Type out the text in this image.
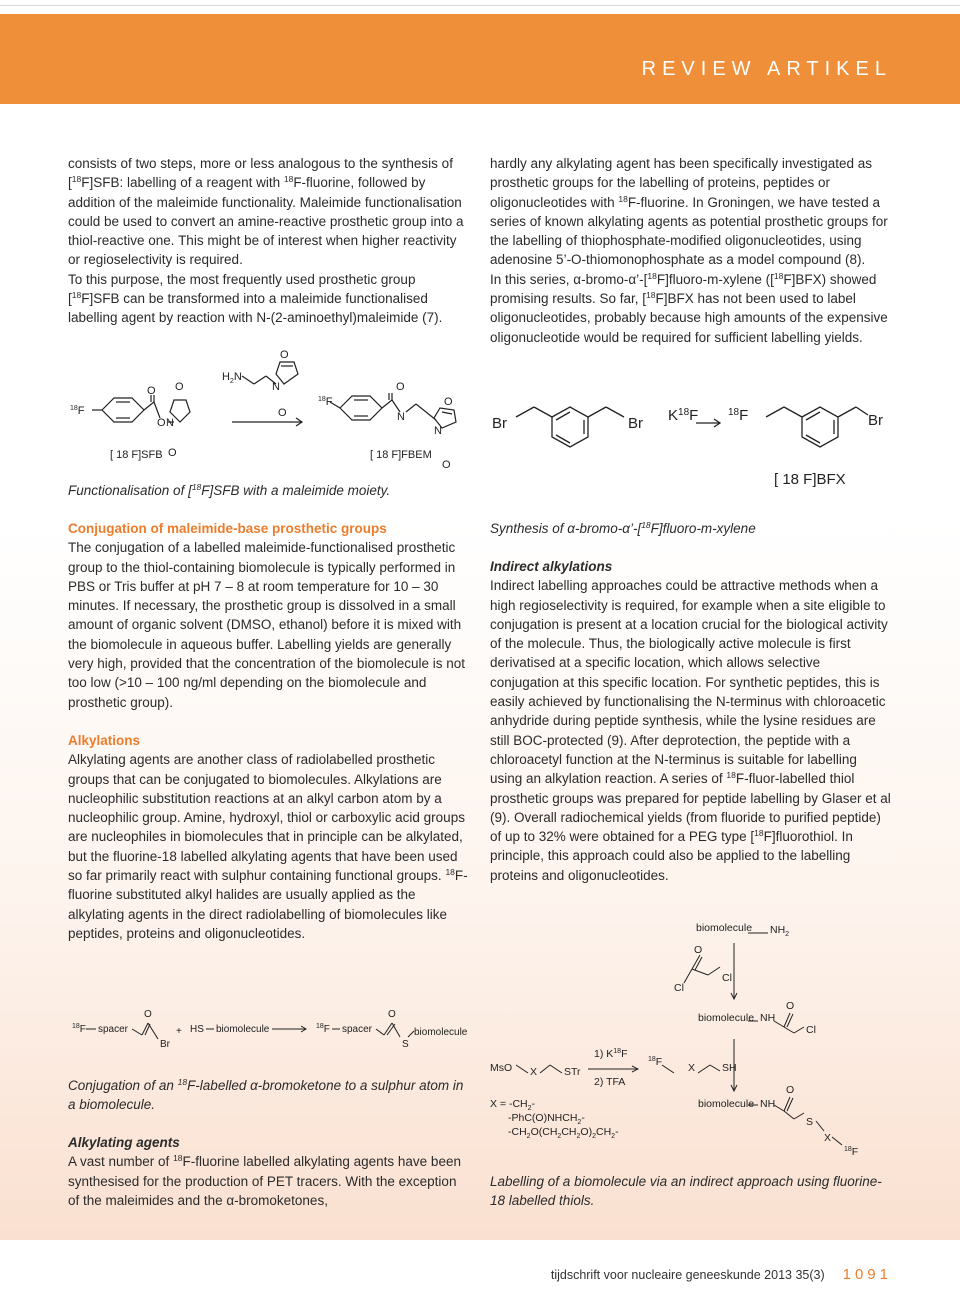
REVIEW ARTIKEL

consists of two steps, more or less analogous to the synthesis of [$^{18}$F]SFB: labelling of a reagent with $^{18}$F-fluorine, followed by addition of the maleimide functionality. Maleimide functionalisation could be used to convert an amine-reactive prosthetic group into a thiol-reactive one. This might be of interest when higher reactivity or regioselectivity is required.

To this purpose, the most frequently used prosthetic group [$^{18}$F]SFB can be transformed into a maleimide functionalised labelling agent by reaction with N-(2-aminoethyl)maleimide (7).

hardly any alkylating agent has been specifically investigated as prosthetic groups for the labelling of proteins, peptides or oligonucleotides with $^{18}$F-fluorine. In Groningen, we have tested a series of known alkylating agents as potential prosthetic groups for the labelling of thiophosphate-modified oligonucleotides, using adenosine 5’-O-thiomonophosphate as a model compound (8).

In this series, α-bromo-α’-[$^{18}$F]fluoro-m-xylene ([$^{18}$F]BFX) showed promising results. So far, [$^{18}$F]BFX has not been used to label oligonucleotides, probably because high amounts of the expensive oligonucleotide would be required for sufficient labelling yields.

$^{18}$F
O
O
O
O
N
$H_2N$
O
N
O
$^{18}$F
O
N
O
N
O
[ 18 F]SFB	[ 18 F]FBEM
Functionalisation of [$^{18}$F]SFB with a maleimide moiety.
Br	Br $K^{18}F$	$^{18}$F	Br
[ 18 F]BFX
Synthesis of α-bromo-α’-[$^{18}$F]fluoro-m-xylene

Conjugation of maleimide-base prosthetic groups

The conjugation of a labelled maleimide-functionalised prosthetic group to the thiol-containing biomolecule is typically performed in PBS or Tris buffer at pH 7 – 8 at room temperature for 10 – 30 minutes. If necessary, the prosthetic group is dissolved in a small amount of organic solvent (DMSO, ethanol) before it is mixed with the biomolecule in aqueous buffer. Labelling yields are generally very high, provided that the concentration of the biomolecule is not too low (>10 – 100 ng/ml depending on the biomolecule and prosthetic group).

Alkylations

Alkylating agents are another class of radiolabelled prosthetic groups that can be conjugated to biomolecules. Alkylations are nucleophilic substitution reactions at an alkyl carbon atom by a nucleophilic group. Amine, hydroxyl, thiol or carboxylic acid groups are nucleophiles in biomolecules that in principle can be alkylated, but the fluorine-18 labelled alkylating agents that have been used so far primarily react with sulphur containing functional groups. $^{18}$F-fluorine substituted alkyl halides are usually applied as the alkylating agents in the direct radiolabelling of biomolecules like peptides, proteins and oligonucleotides.

Indirect alkylations

Indirect labelling approaches could be attractive methods when a high regioselectivity is required, for example when a site eligible to conjugation is present at a location crucial for the biological activity of the molecule. Thus, the biologically active molecule is first derivatised at a specific location, which allows selective conjugation at this specific location. For synthetic peptides, this is easily achieved by functionalising the N-terminus with chloroacetic anhydride during peptide synthesis, while the lysine residues are still BOC-protected (9). After deprotection, the peptide with a chloroacetyl function at the N-terminus is suitable for labelling using an alkylation reaction. A series of $^{18}$F-fluor-labelled thiol prosthetic groups was prepared for peptide labelling by Glaser et al (9). Overall radiochemical yields (from fluoride to purified peptide) of up to 32% were obtained for a PEG type [$^{18}$F]fluorothiol. In principle, this approach could also be applied to the labelling proteins and oligonucleotides.

$^{18}$F spacer
O
Br
+ HS biomolecule	$^{18}$F spacer
O
S
biomolecule
Conjugation of an $^{18}$F-labelled α-bromoketone to a sulphur atom in a biomolecule.

Alkylating agents

A vast number of $^{18}$F-fluorine labelled alkylating agents have been synthesised for the production of PET tracers. With the exception of the maleimides and the α-bromoketones,

biomolecule $NH_2$
O
Cl
Cl
biomolecule NH
O
Cl
MsO X	STr
1) $K^{18}F$
2) TFA
$^{18}$F X	SH
$X = -CH_2-$
$-PhC(O)NHCH_2-$
$-CH_2O(CH_2CH_2O)_2CH_2-$
biomolecule NH
O
S
X
$^{18}$F
Labelling of a biomolecule via an indirect approach using fluorine-18 labelled thiols.
tijdschrift voor nucleaire geneeskunde 2013 35(3) 1091
